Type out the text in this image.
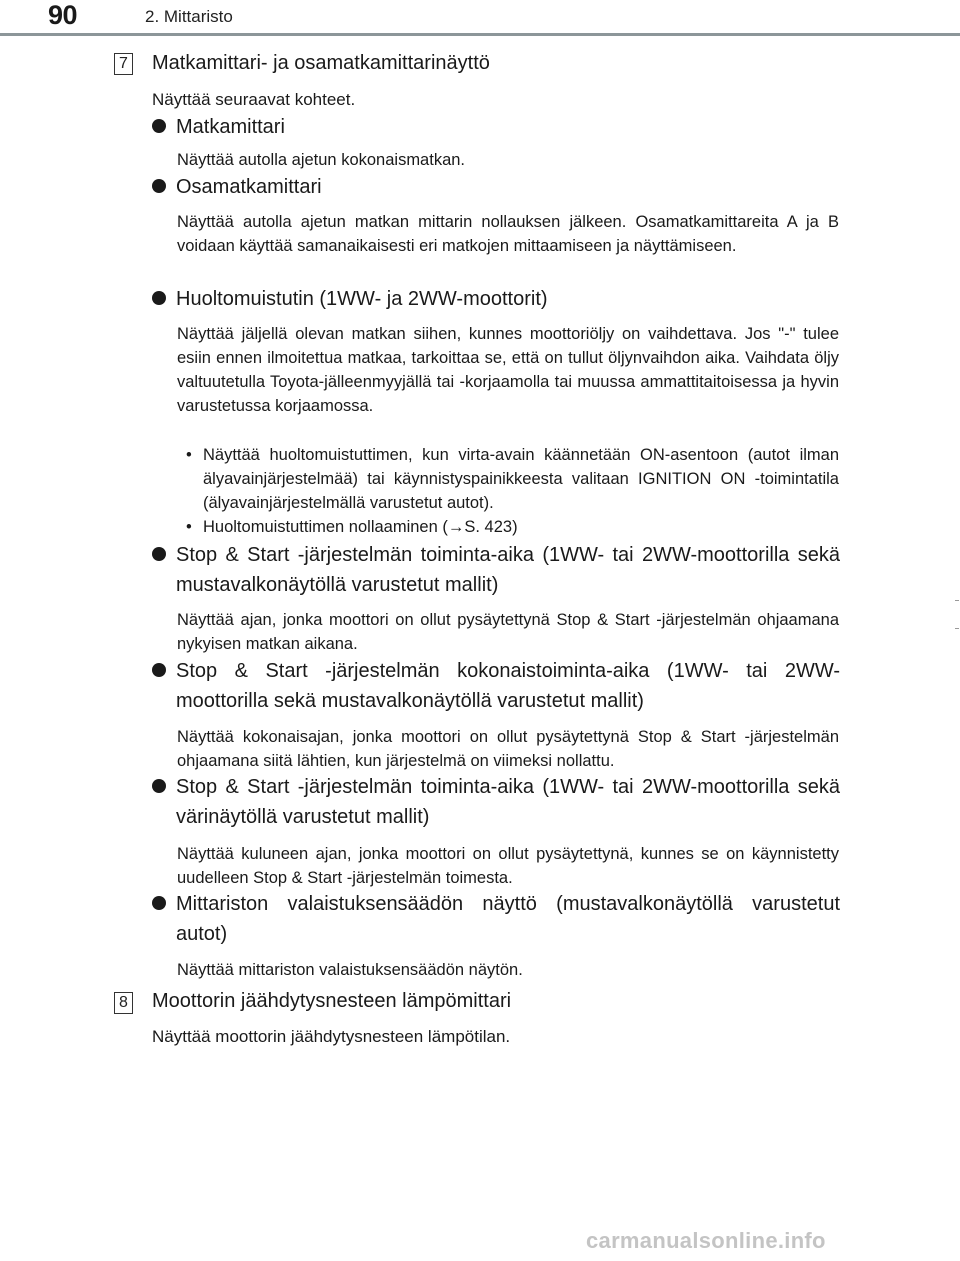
90	2. Mittaristo
7 Matkamittari- ja osamatkamittarinäyttö
Näyttää seuraavat kohteet.
Matkamittari
Näyttää autolla ajetun kokonaismatkan.
Osamatkamittari
Näyttää autolla ajetun matkan mittarin nollauksen jälkeen. Osamatkamittareita A ja B voidaan käyttää samanaikaisesti eri matkojen mittaamiseen ja näyttämiseen.
Huoltomuistutin (1WW- ja 2WW-moottorit)
Näyttää jäljellä olevan matkan siihen, kunnes moottoriöljy on vaihdettava. Jos "-" tulee esiin ennen ilmoitettua matkaa, tarkoittaa se, että on tullut öljynvaihdon aika. Vaihdata öljy valtuutetulla Toyota-jälleenmyyjällä tai -korjaamolla tai muussa ammattitaitoisessa ja hyvin varustetussa korjaamossa.
• Näyttää huoltomuistuttimen, kun virta-avain käännetään ON-asentoon (autot ilman älyavainjärjestelmää) tai käynnistyspainikkeesta valitaan IGNITION ON -toimintatila (älyavainjärjestelmällä varustetut autot).
• Huoltomuistuttimen nollaaminen (→S. 423)
Stop & Start -järjestelmän toiminta-aika (1WW- tai 2WW-moottorilla sekä mustavalkonäytöllä varustetut mallit)
Näyttää ajan, jonka moottori on ollut pysäytettynä Stop & Start -järjestelmän ohjaamana nykyisen matkan aikana.
Stop & Start -järjestelmän kokonaistoiminta-aika (1WW- tai 2WW-moottorilla sekä mustavalkonäytöllä varustetut mallit)
Näyttää kokonaisajan, jonka moottori on ollut pysäytettynä Stop & Start -järjestelmän ohjaamana siitä lähtien, kun järjestelmä on viimeksi nollattu.
Stop & Start -järjestelmän toiminta-aika (1WW- tai 2WW-moottorilla sekä värinäytöllä varustetut mallit)
Näyttää kuluneen ajan, jonka moottori on ollut pysäytettynä, kunnes se on käynnistetty uudelleen Stop & Start -järjestelmän toimesta.
Mittariston valaistuksensäädön näyttö (mustavalkonäytöllä varustetut autot)
Näyttää mittariston valaistuksensäädön näytön.
8 Moottorin jäähdytysnesteen lämpömittari
Näyttää moottorin jäähdytysnesteen lämpötilan.
carmanualsonline.info
